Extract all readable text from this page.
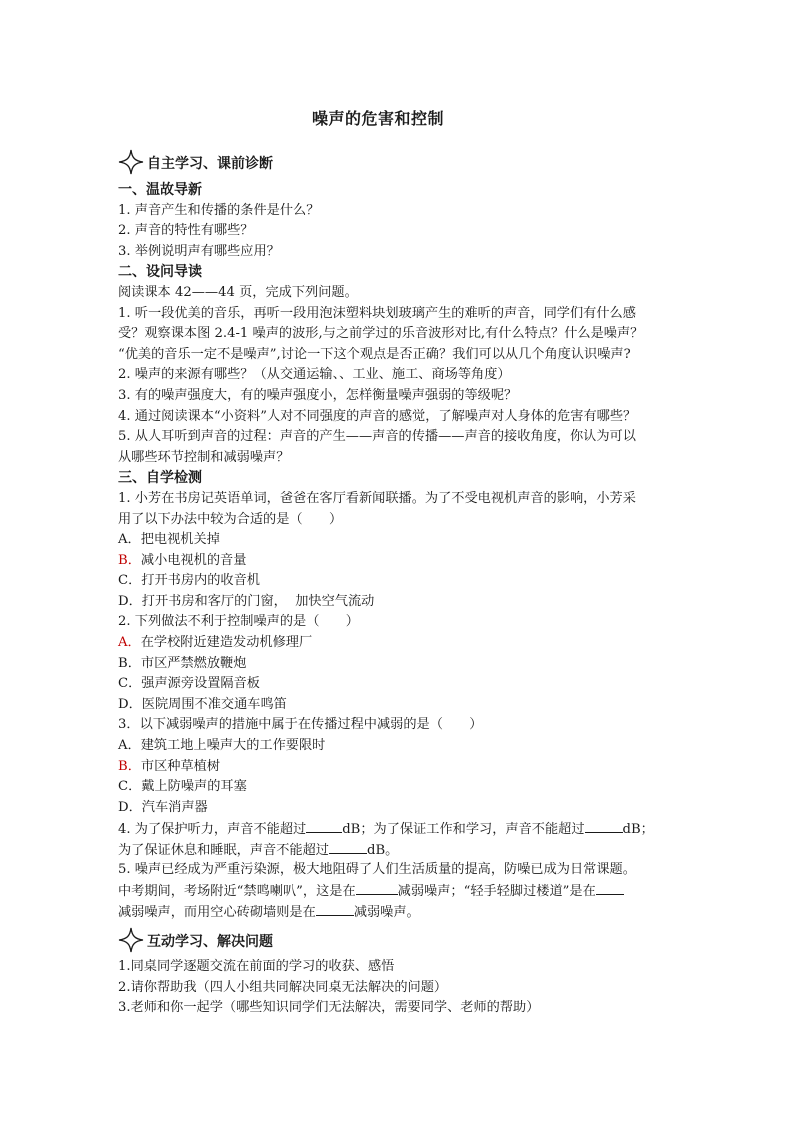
噪声的危害和控制
自主学习、课前诊断
一、温故导新
1. 声音产生和传播的条件是什么？
2. 声音的特性有哪些？
3. 举例说明声有哪些应用？
二、设问导读
阅读课本 42——44 页，完成下列问题。
1. 听一段优美的音乐，再听一段用泡沫塑料块划玻璃产生的难听的声音，同学们有什么感
受？观察课本图 2.4-1 噪声的波形,与之前学过的乐音波形对比,有什么特点？什么是噪声？
“优美的音乐一定不是噪声”,讨论一下这个观点是否正确？我们可以从几个角度认识噪声?
2. 噪声的来源有哪些？（从交通运输、、工业、施工、商场等角度）
3. 有的噪声强度大，有的噪声强度小，怎样衡量噪声强弱的等级呢？
4. 通过阅读课本“小资料”人对不同强度的声音的感觉，了解噪声对人身体的危害有哪些？
5. 从人耳听到声音的过程：声音的产生——声音的传播——声音的接收角度，你认为可以
从哪些环节控制和减弱噪声？
三、自学检测
1. 小芳在书房记英语单词，爸爸在客厅看新闻联播。为了不受电视机声音的影响，小芳采
用了以下办法中较为合适的是（　　）
A．把电视机关掉
B．减小电视机的音量
C．打开书房内的收音机
D．打开书房和客厅的门窗，  加快空气流动
2. 下列做法不利于控制噪声的是（　　）
A．在学校附近建造发动机修理厂
B．市区严禁燃放鞭炮
C．强声源旁设置隔音板
D．医院周围不准交通车鸣笛
3．以下减弱噪声的措施中属于在传播过程中减弱的是（　　）
A．建筑工地上噪声大的工作要限时
B．市区种草植树
C．戴上防噪声的耳塞
D．汽车消声器
4. 为了保护听力，声音不能超过	dB；为了保证工作和学习，声音不能超过	dB；
为了保证休息和睡眠，声音不能超过	dB。
5. 噪声已经成为严重污染源，极大地阻碍了人们生活质量的提高，防噪已成为日常课题。
中考期间，考场附近“禁鸣喇叭”，这是在	减弱噪声；“轻手轻脚过楼道”是在
减弱噪声，而用空心砖砌墙则是在	减弱噪声。
互动学习、解决问题
1.同桌同学逐题交流在前面的学习的收获、感悟
2.请你帮助我（四人小组共同解决同桌无法解决的问题）
3.老师和你一起学（哪些知识同学们无法解决，需要同学、老师的帮助）
